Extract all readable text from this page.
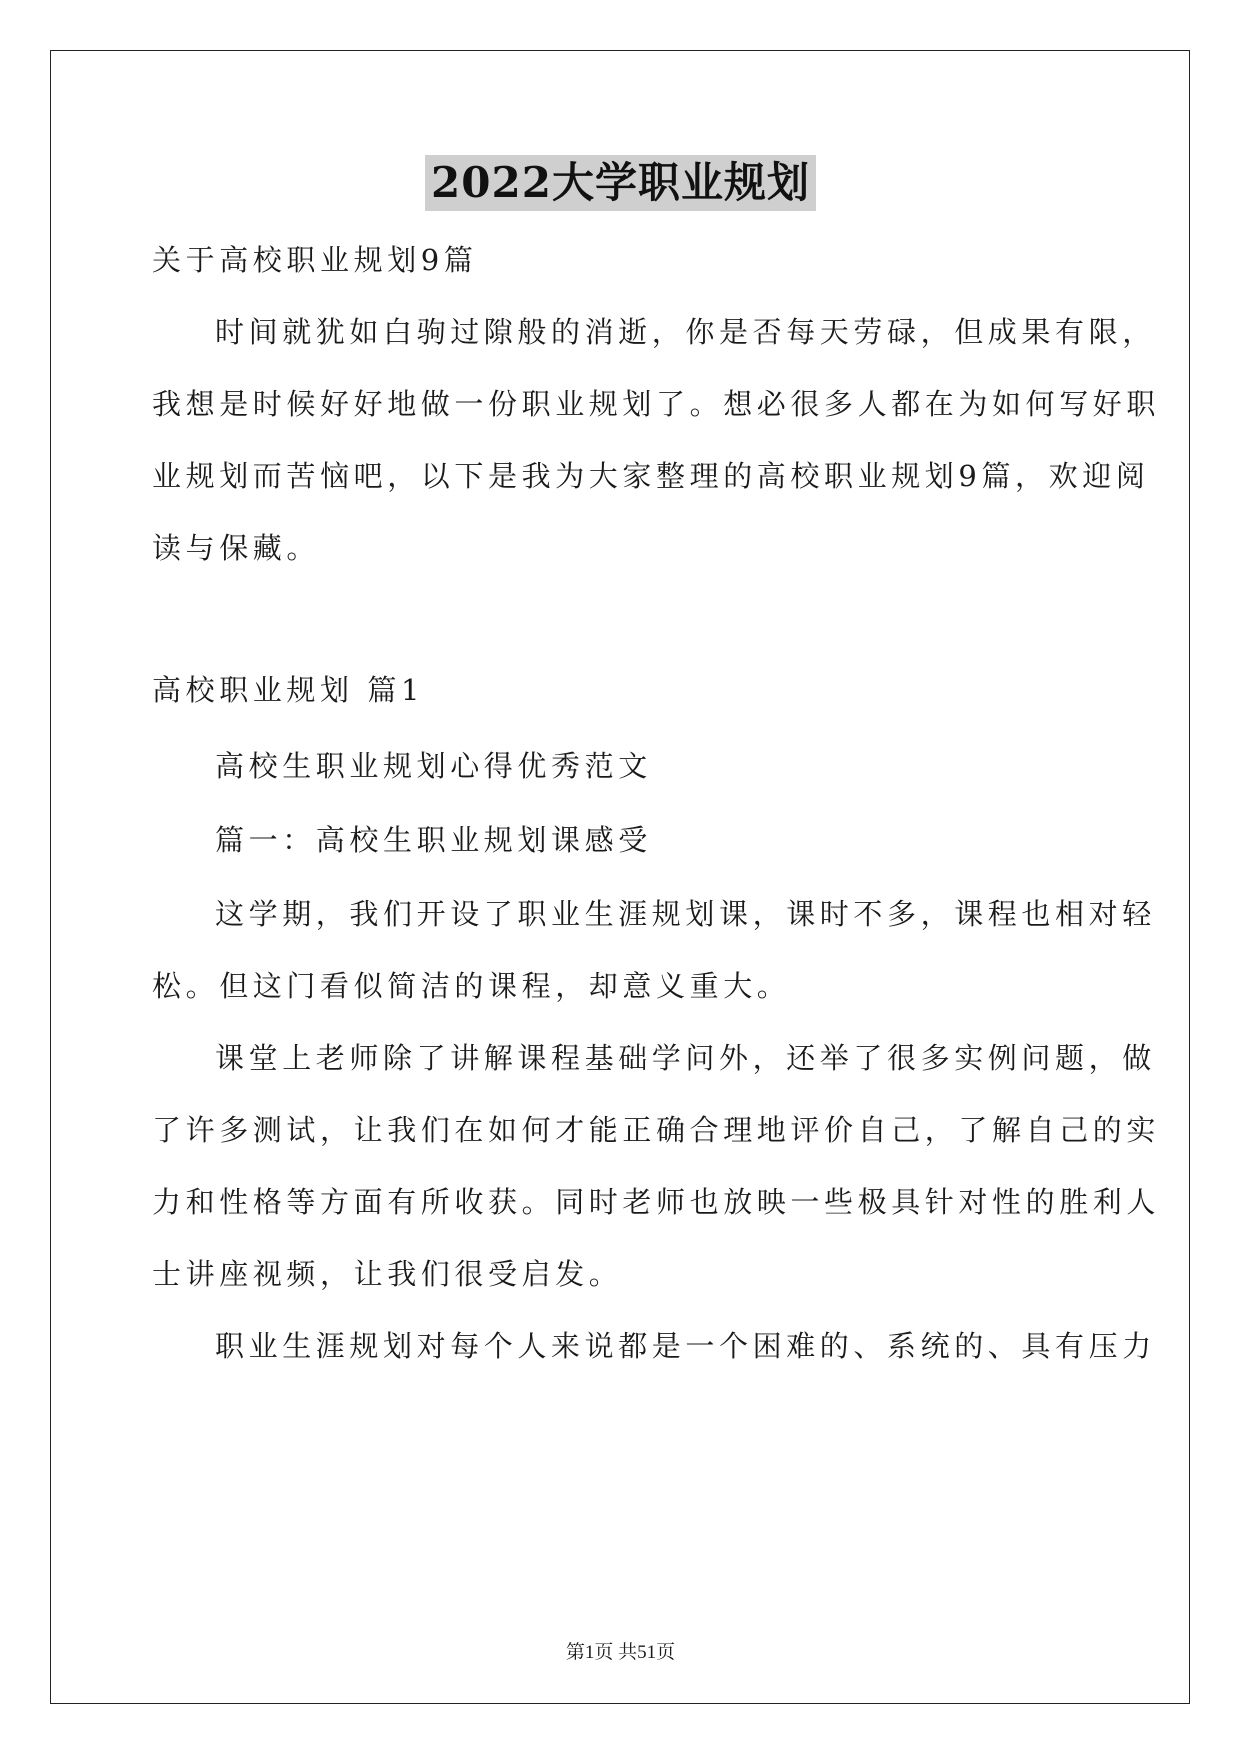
2022大学职业规划
关于高校职业规划9篇
时间就犹如白驹过隙般的消逝，你是否每天劳碌，但成果有限，
我想是时候好好地做一份职业规划了。想必很多人都在为如何写好职
业规划而苦恼吧，以下是我为大家整理的高校职业规划9篇，欢迎阅
读与保藏。
高校职业规划 篇1
高校生职业规划心得优秀范文
篇一：高校生职业规划课感受
这学期，我们开设了职业生涯规划课，课时不多，课程也相对轻
松。但这门看似简洁的课程，却意义重大。
课堂上老师除了讲解课程基础学问外，还举了很多实例问题，做
了许多测试，让我们在如何才能正确合理地评价自己，了解自己的实
力和性格等方面有所收获。同时老师也放映一些极具针对性的胜利人
士讲座视频，让我们很受启发。
职业生涯规划对每个人来说都是一个困难的、系统的、具有压力
第1页 共51页
